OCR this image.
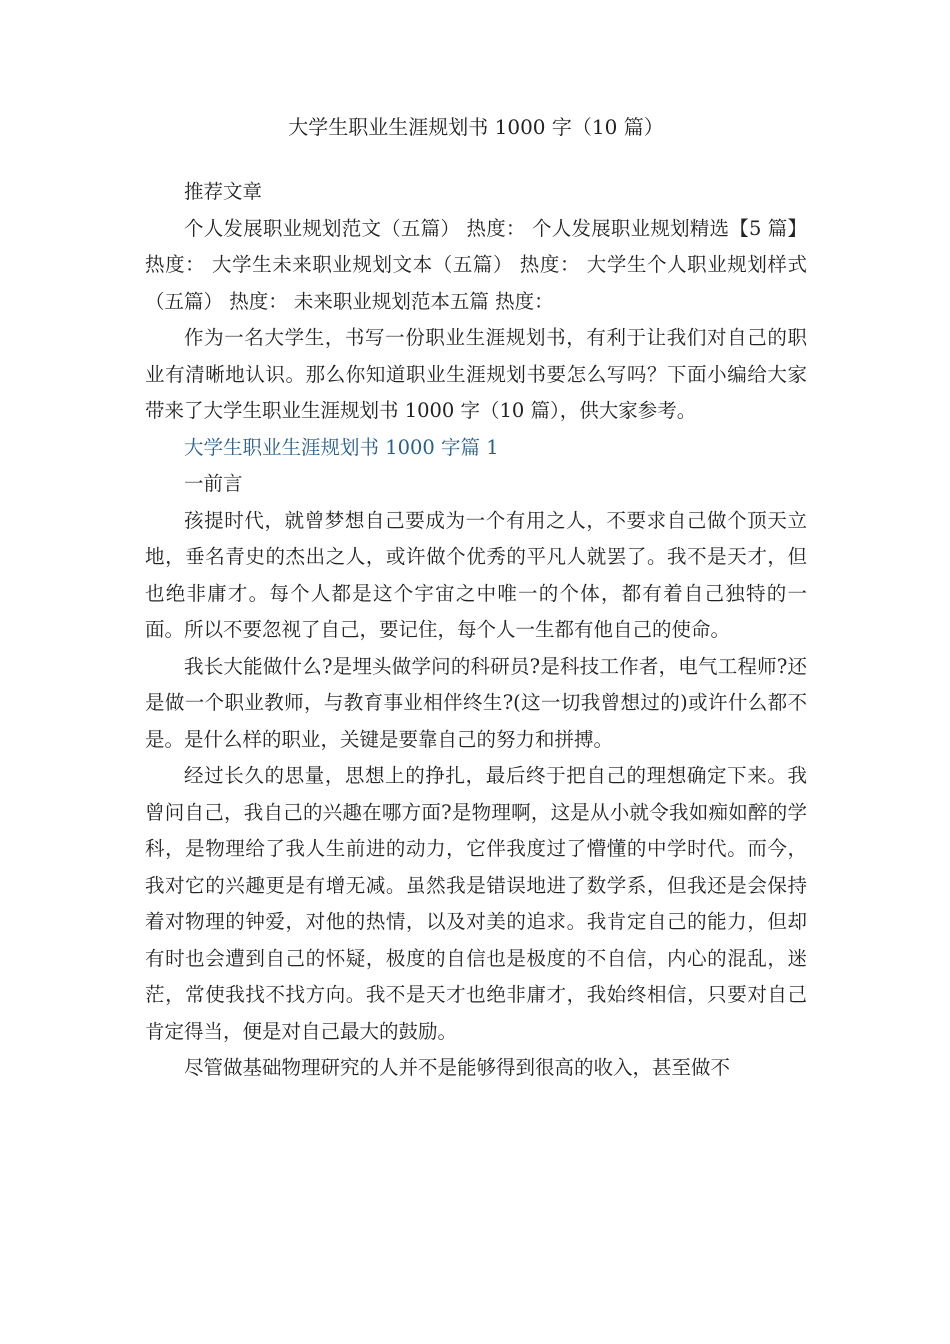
大学生职业生涯规划书 1000 字（10 篇）

推荐文章

个人发展职业规划范文（五篇） 热度： 个人发展职业规划精选【5 篇】 热度： 大学生未来职业规划文本（五篇） 热度： 大学生个人职业规划样式（五篇） 热度： 未来职业规划范本五篇 热度：

作为一名大学生，书写一份职业生涯规划书，有利于让我们对自己的职业有清晰地认识。那么你知道职业生涯规划书要怎么写吗？下面小编给大家带来了大学生职业生涯规划书 1000 字（10 篇），供大家参考。

大学生职业生涯规划书 1000 字篇 1

一前言

孩提时代，就曾梦想自己要成为一个有用之人，不要求自己做个顶天立地，垂名青史的杰出之人，或许做个优秀的平凡人就罢了。我不是天才，但也绝非庸才。每个人都是这个宇宙之中唯一的个体，都有着自己独特的一面。所以不要忽视了自己，要记住，每个人一生都有他自己的使命。

我长大能做什么?是埋头做学问的科研员?是科技工作者，电气工程师?还是做一个职业教师，与教育事业相伴终生?(这一切我曾想过的)或许什么都不是。是什么样的职业，关键是要靠自己的努力和拼搏。

经过长久的思量，思想上的挣扎，最后终于把自己的理想确定下来。我曾问自己，我自己的兴趣在哪方面?是物理啊，这是从小就令我如痴如醉的学科，是物理给了我人生前进的动力，它伴我度过了懵懂的中学时代。而今，我对它的兴趣更是有增无减。虽然我是错误地进了数学系，但我还是会保持着对物理的钟爱，对他的热情，以及对美的追求。我肯定自己的能力，但却有时也会遭到自己的怀疑，极度的自信也是极度的不自信，内心的混乱，迷茫，常使我找不找方向。我不是天才也绝非庸才，我始终相信，只要对自己肯定得当，便是对自己最大的鼓励。

尽管做基础物理研究的人并不是能够得到很高的收入，甚至做不
